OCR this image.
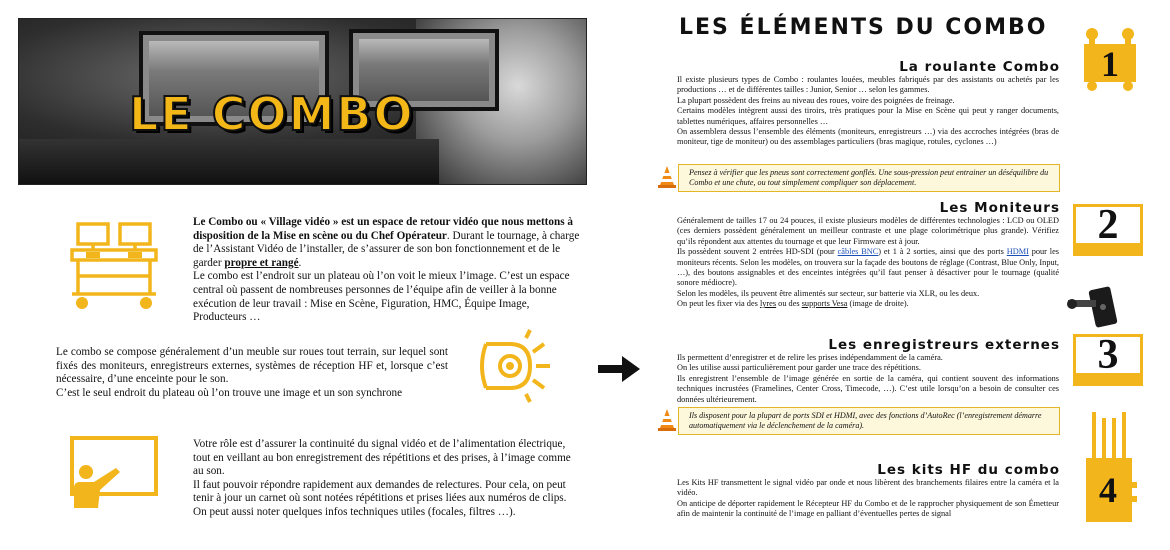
LE COMBO
Le Combo ou « Village vidéo » est un espace de retour vidéo que nous mettons à disposition de la Mise en scène ou du Chef Opérateur. Durant le tournage, à charge de l’Assistant Vidéo de l’installer, de s’assurer de son bon fonctionnement et de le garder propre et rangé.
Le combo est l’endroit sur un plateau où l’on voit le mieux l’image. C’est un espace central où passent de nombreuses personnes de l’équipe afin de veiller à la bonne exécution de leur travail : Mise en Scène, Figuration, HMC, Équipe Image, Producteurs …
Le combo se compose généralement d’un meuble sur roues tout terrain, sur lequel sont fixés des moniteurs, enregistreurs externes, systèmes de réception HF et, lorsque c’est nécessaire, d’une enceinte pour le son.
C’est le seul endroit du plateau où l’on trouve une image et un son synchrone
Votre rôle est d’assurer la continuité du signal vidéo et de l’alimentation électrique, tout en veillant au bon enregistrement des répétitions et des prises, à l’image comme au son.
Il faut pouvoir répondre rapidement aux demandes de relectures. Pour cela, on peut tenir à jour un carnet où sont notées répétitions et prises liées aux numéros de clips.
On peut aussi noter quelques infos techniques utiles (focales, filtres …).
LES ÉLÉMENTS DU COMBO
1
La roulante Combo
Il existe plusieurs types de Combo : roulantes louées, meubles fabriqués par des assistants ou achetés par les productions … et de différentes tailles : Junior, Senior … selon les gammes.
La plupart possèdent des freins au niveau des roues, voire des poignées de freinage.
Certains modèles intègrent aussi des tiroirs, très pratiques pour la Mise en Scène qui peut y ranger documents, tablettes numériques, affaires personnelles …
On assemblera dessus l’ensemble des éléments (moniteurs, enregistreurs …) via des accroches intégrées (bras de moniteur, tige de moniteur) ou des assemblages particuliers (bras magique, rotules, cyclones …)
Pensez à vérifier que les pneus sont correctement gonflés. Une sous-pression peut entrainer un déséquilibre du Combo et une chute, ou tout simplement compliquer son déplacement.
2
Les Moniteurs
Généralement de tailles 17 ou 24 pouces, il existe plusieurs modèles de différentes technologies : LCD ou OLED (ces derniers possèdent généralement un meilleur contraste et une plage colorimétrique plus grande). Vérifiez qu’ils répondent aux attentes du tournage et que leur Firmware est à jour.
Ils possèdent souvent 2 entrées HD-SDI (pour câbles BNC) et 1 à 2 sorties, ainsi que des ports HDMI pour les moniteurs récents. Selon les modèles, on trouvera sur la façade des boutons de réglage (Contrast, Blue Only, Input, …), des boutons assignables et des enceintes intégrées qu’il faut penser à désactiver pour le tournage (qualité sonore médiocre).
Selon les modèles, ils peuvent être alimentés sur secteur, sur batterie via XLR, ou les deux.
On peut les fixer via des lyres ou des supports Vesa (image de droite).
3
Les enregistreurs externes
Ils permettent d’enregistrer et de relire les prises indépendamment de la caméra.
On les utilise aussi particulièrement pour garder une trace des répétitions.
Ils enregistrent l’ensemble de l’image générée en sortie de la caméra, qui contient souvent des informations techniques incrustées (Framelines, Center Cross, Timecode, …). C’est utile lorsqu’on a besoin de consulter ces données ultérieurement.
Ils disposent pour la plupart de ports SDI et HDMI, avec des fonctions d’AutoRec (l’enregistrement démarre automatiquement via le déclenchement de la caméra).
4
Les kits HF du combo
Les Kits HF transmettent le signal vidéo par onde et nous libèrent des branchements filaires entre la caméra et la vidéo.
On anticipe de déporter rapidement le Récepteur HF du Combo et de le rapprocher physiquement de son Émetteur afin de maintenir la continuité de l’image en palliant d’éventuelles pertes de signal
